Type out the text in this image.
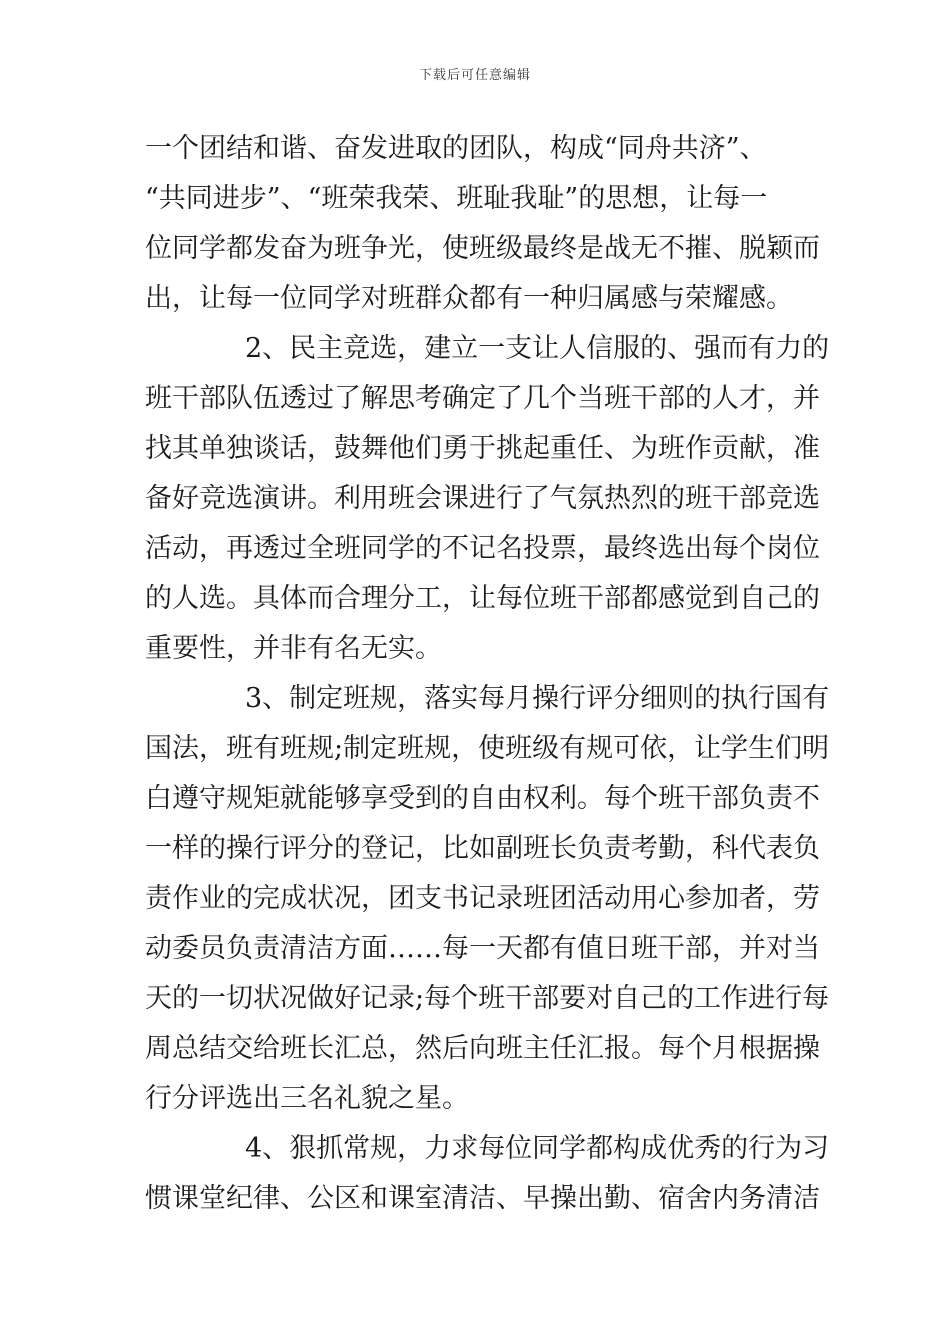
下载后可任意编辑
一个团结和谐、奋发进取的团队，构成“同舟共济”、
“共同进步”、“班荣我荣、班耻我耻”的思想，让每一
位同学都发奋为班争光，使班级最终是战无不摧、脱颖而
出，让每一位同学对班群众都有一种归属感与荣耀感。
2、民主竞选，建立一支让人信服的、强而有力的
班干部队伍透过了解思考确定了几个当班干部的人才，并
找其单独谈话，鼓舞他们勇于挑起重任、为班作贡献，准
备好竞选演讲。利用班会课进行了气氛热烈的班干部竞选
活动，再透过全班同学的不记名投票，最终选出每个岗位
的人选。具体而合理分工，让每位班干部都感觉到自己的
重要性，并非有名无实。
3、制定班规，落实每月操行评分细则的执行国有
国法，班有班规;制定班规，使班级有规可依，让学生们明
白遵守规矩就能够享受到的自由权利。每个班干部负责不
一样的操行评分的登记，比如副班长负责考勤，科代表负
责作业的完成状况，团支书记录班团活动用心参加者，劳
动委员负责清洁方面……每一天都有值日班干部，并对当
天的一切状况做好记录;每个班干部要对自己的工作进行每
周总结交给班长汇总，然后向班主任汇报。每个月根据操
行分评选出三名礼貌之星。
4、狠抓常规，力求每位同学都构成优秀的行为习
惯课堂纪律、公区和课室清洁、早操出勤、宿舍内务清洁
